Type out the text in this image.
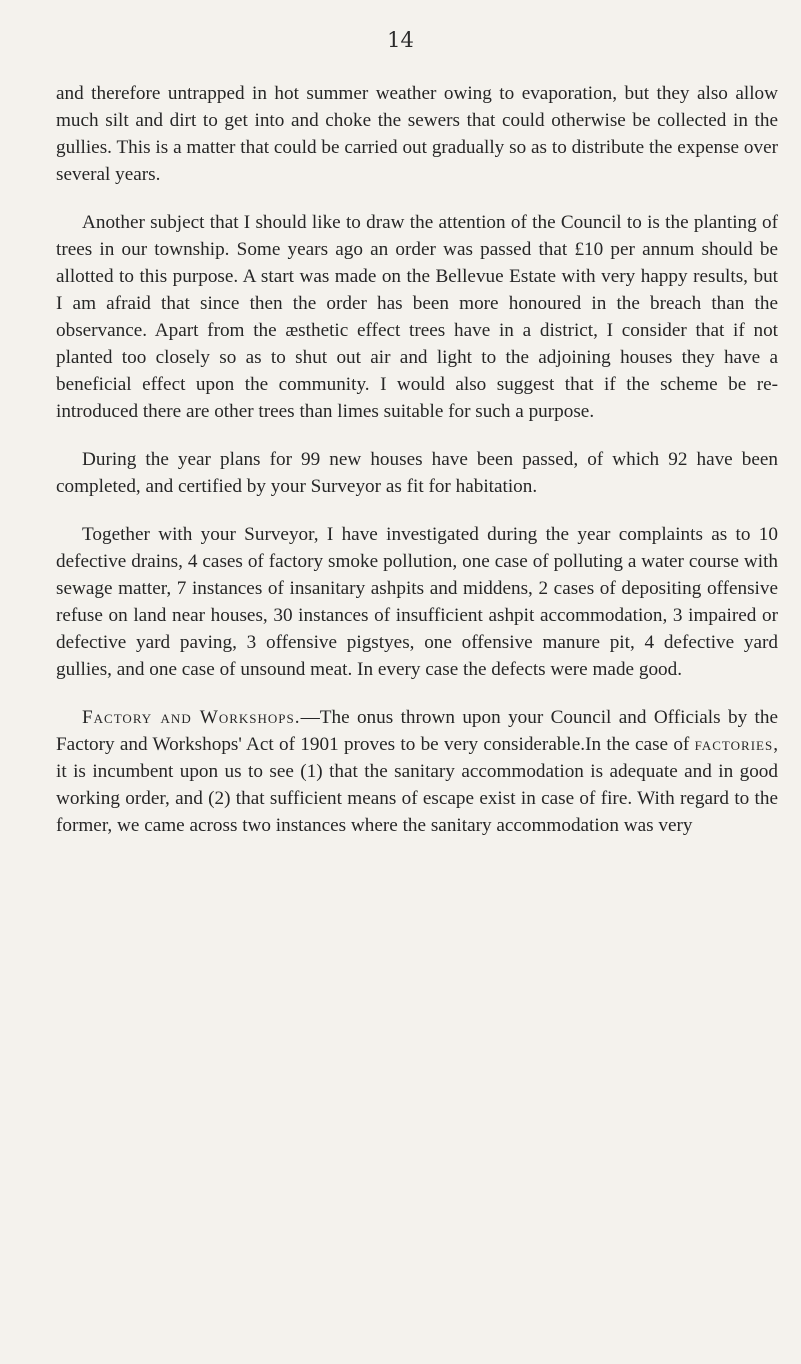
14

and therefore untrapped in hot summer weather owing to evaporation, but they also allow much silt and dirt to get into and choke the sewers that could otherwise be collected in the gullies. This is a matter that could be carried out gradually so as to distribute the expense over several years.

Another subject that I should like to draw the attention of the Council to is the planting of trees in our township. Some years ago an order was passed that £10 per annum should be allotted to this purpose. A start was made on the Bellevue Estate with very happy results, but I am afraid that since then the order has been more honoured in the breach than the observance. Apart from the æsthetic effect trees have in a district, I consider that if not planted too closely so as to shut out air and light to the adjoining houses they have a beneficial effect upon the community. I would also suggest that if the scheme be re-introduced there are other trees than limes suitable for such a purpose.

During the year plans for 99 new houses have been passed, of which 92 have been completed, and certified by your Surveyor as fit for habitation.

Together with your Surveyor, I have investigated during the year complaints as to 10 defective drains, 4 cases of factory smoke pollution, one case of polluting a water course with sewage matter, 7 instances of insanitary ashpits and middens, 2 cases of depositing offensive refuse on land near houses, 30 instances of insufficient ashpit accommodation, 3 impaired or defective yard paving, 3 offensive pigstyes, one offensive manure pit, 4 defective yard gullies, and one case of unsound meat. In every case the defects were made good.

Factory and Workshops.—The onus thrown upon your Council and Officials by the Factory and Workshops' Act of 1901 proves to be very considerable.In the case of factories, it is incumbent upon us to see (1) that the sanitary accommodation is adequate and in good working order, and (2) that sufficient means of escape exist in case of fire. With regard to the former, we came across two instances where the sanitary accommodation was very
